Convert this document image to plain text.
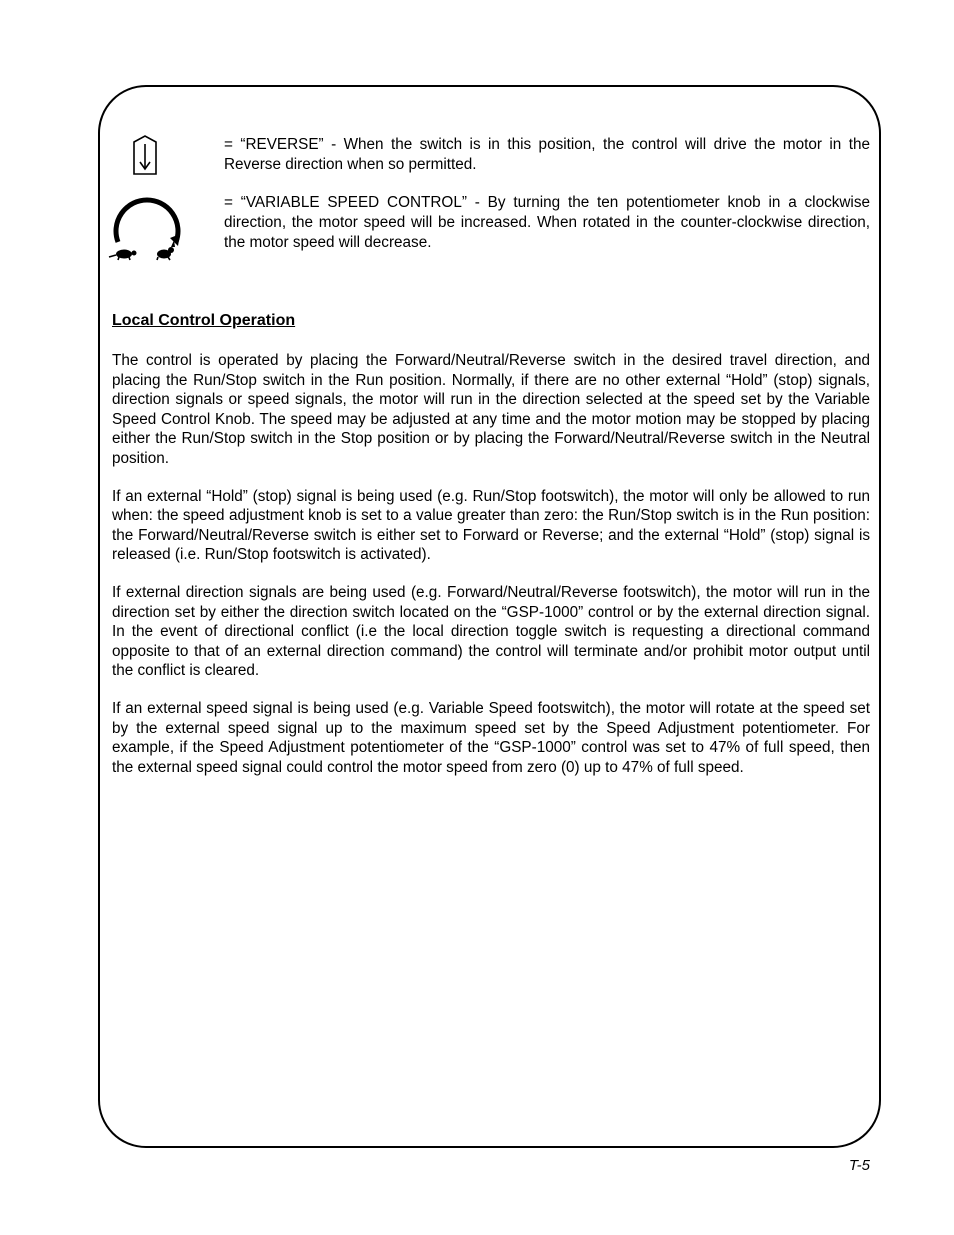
= “REVERSE” - When the switch is in this position, the control will drive the motor in the Reverse direction when so permitted.

= “VARIABLE SPEED CONTROL” - By turning the ten potentiometer knob in a clockwise direction, the motor speed will be increased. When rotated in the counter-clockwise direction, the motor speed will decrease.

Local Control Operation

The control is operated by placing the Forward/Neutral/Reverse switch in the desired travel direction, and placing the Run/Stop switch in the Run position. Normally, if there are no other external “Hold” (stop) signals, direction signals or speed signals, the motor will run in the direction selected at the speed set by the Variable Speed Control Knob. The speed may be adjusted at any time and the motor motion may be stopped by placing either the Run/Stop switch in the Stop position or by placing the Forward/Neutral/Reverse switch in the Neutral position.

If an external “Hold” (stop) signal is being used (e.g. Run/Stop footswitch), the motor will only be allowed to run when: the speed adjustment knob is set to a value greater than zero: the Run/Stop switch is in the Run position: the Forward/Neutral/Reverse switch is either set to Forward or Reverse; and the external “Hold” (stop) signal is released (i.e. Run/Stop footswitch is activated).

If external direction signals are being used (e.g. Forward/Neutral/Reverse footswitch), the motor will run in the direction set by either the direction switch located on the “GSP-1000” control or by the external direction signal. In the event of directional conflict (i.e the local direction toggle switch is requesting a directional command opposite to that of an external direction command) the control will terminate and/or prohibit motor output until the conflict is cleared.

If an external speed signal is being used (e.g. Variable Speed footswitch), the motor will rotate at the speed set by the external speed signal up to the maximum speed set by the Speed Adjustment potentiometer. For example, if the Speed Adjustment potentiometer of the “GSP-1000” control was set to 47% of full speed, then the external speed signal could control the motor speed from zero (0) up to 47% of full speed.

T-5
